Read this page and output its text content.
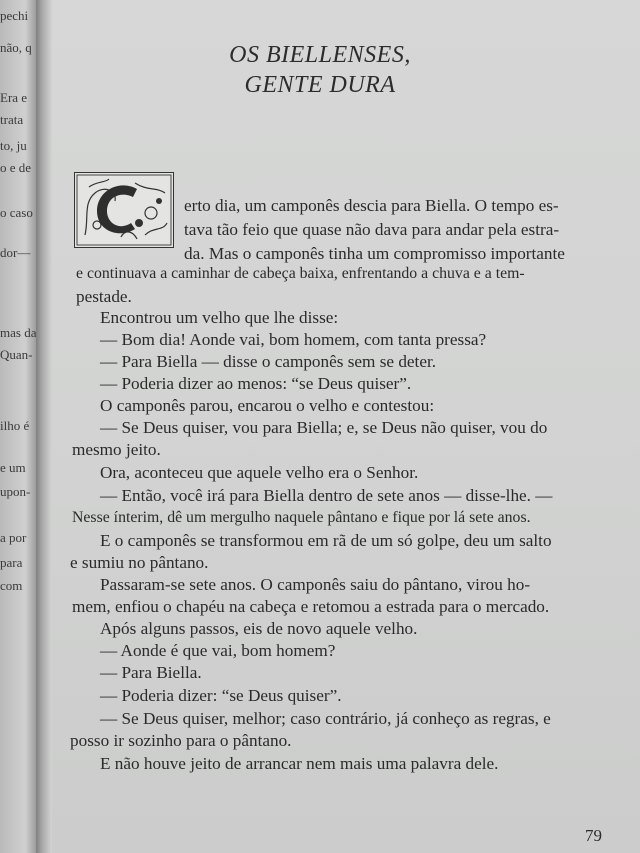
pechi
não, q
Era e
trata
to, ju
o e de
o caso
dor—
mas da
Quan-
ilho é
e um
upon-
a por
para
com
OS BIELLENSES,
GENTE DURA
erto dia, um camponês descia para Biella. O tempo es-
tava tão feio que quase não dava para andar pela estra-
da. Mas o camponês tinha um compromisso importante
e continuava a caminhar de cabeça baixa, enfrentando a chuva e a tem-
pestade.
Encontrou um velho que lhe disse:
— Bom dia! Aonde vai, bom homem, com tanta pressa?
— Para Biella — disse o camponês sem se deter.
— Poderia dizer ao menos: “se Deus quiser”.
O camponês parou, encarou o velho e contestou:
— Se Deus quiser, vou para Biella; e, se Deus não quiser, vou do
mesmo jeito.
Ora, aconteceu que aquele velho era o Senhor.
— Então, você irá para Biella dentro de sete anos — disse-lhe. —
Nesse ínterim, dê um mergulho naquele pântano e fique por lá sete anos.
E o camponês se transformou em rã de um só golpe, deu um salto
e sumiu no pântano.
Passaram-se sete anos. O camponês saiu do pântano, virou ho-
mem, enfiou o chapéu na cabeça e retomou a estrada para o mercado.
Após alguns passos, eis de novo aquele velho.
— Aonde é que vai, bom homem?
— Para Biella.
— Poderia dizer: “se Deus quiser”.
— Se Deus quiser, melhor; caso contrário, já conheço as regras, e
posso ir sozinho para o pântano.
E não houve jeito de arrancar nem mais uma palavra dele.
79
